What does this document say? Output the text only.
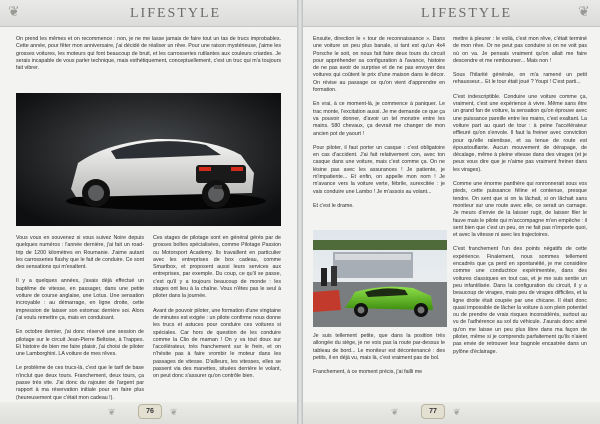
❦	LIFESTYLE

On prend les mêmes et on recommence : non, je ne me lasse jamais de faire tout un tas de trucs improbables. Cette année, pour fêter mon anniversaire, j'ai décidé de réaliser un rêve. Pour une raison mystérieuse, j'aime les grosses voitures, les moteurs qui font beaucoup de bruit, et les carrosseries rutilantes aux couleurs criardes. Je serais incapable de vous parler technique, mais esthétiquement, conceptuellement, c'est un truc qui m'a toujours fait vibrer.

Vous vous en souvenez si vous suivez Noire depuis quelques numéros : l'année dernière, j'ai fait un road-trip de 1200 kilomètres en Roumanie. J'aime autant les carrosseries flashy que le fait de conduire. Ce sont des sensations qui m'exaltent.

Il y a quelques années, j'avais déjà effectué un baptême de vitesse, en passager, dans une petite voiture de course anglaise, une Lotus. Une sensation incroyable : au démarrage, en ligne droite, cette impression de laisser son estomac derrière soi. Alors j'ai voulu remettre ça, mais en conduisant.

En octobre dernier, j'ai donc réservé une session de pilotage sur le circuit Jean-Pierre Beltoise, à Trappes. Et histoire de bien me faire plaisir, j'ai choisi de piloter une Lamborghini. LA voiture de mes rêves.

Le problème de ces trucs-là, c'est que le tarif de base n'inclut que deux tours. Franchement, deux tours, ça passe très vite. J'ai donc du rajouter de l'argent par rapport à ma réservation initiale pour en faire plus (heureusement que c'était mon cadeau !).

Ces stages de pilotage sont en général gérés par de grosses boîtes spécialisées, comme Pilotage Passion ou Motorsport Academy. Ils travaillent en particulier avec les entreprises de box cadeau, comme Smartbox, et proposent aussi leurs services aux entreprises, par exemple. Du coup, ce qu'il se passe, c'est qu'il y a toujours beaucoup de monde : les stages ont lieu à la chaîne. Vous n'êtes pas le seul à piloter dans la journée.

Avant de pouvoir piloter, une formation d'une vingtaine de minutes est exigée : un pilote confirme nous donne les trucs et astuces pour conduire ces voitures si spéciales. Car hors de question de les conduire comme la Clio de maman ! On y va tout doux sur l'accélérateur, très franchement sur le frein, et on n'hésite pas à faire vrombir le moteur dans les passages de vitesse. D'ailleurs, les vitesses, elles se passent via des manettes, situées derrière le volant, on peut donc s'assurer qu'on contrôle bien.

❦	76	❦
LIFESTYLE	❦

Ensuite, direction le « tour de reconnaissance ». Dans une voiture un peu plus banale, si tant est qu'un 4x4 Porsche le soit, on nous fait faire deux tours du circuit pour appréhender sa configuration à l'avance, histoire de ne pas avoir de surprise et de ne pas envoyer des voitures qui coûtent le prix d'une maison dans le décor. On révise au passage ce qu'on vient d'apprendre en formation.

En vrai, à ce moment-là, je commence à paniquer. Le trac monte, l'excitation aussi. Je me demande ce que ça va pouvoir donner, d'avoir un tel monstre entre les mains. 580 chevaux, ça devrait me changer de mon ancien pot de yaourt !

Pour piloter, il faut porter un casque : c'est obligatoire en cas d'accident. J'ai fait relativement con, avec ton casque dans une voiture, mais c'est comme ça. On ne lésine pas avec les assurances ! Je patiente, je m'impatiente... Et enfin, on appelle mon nom ! Je m'avance vers la voiture verte, fébrile, surexcitée : je vais conduire une Lambo ! Je m'assois au volant...

Et c'est le drame.

Je suis tellement petite, que dans la position très allongée du siège, je ne vois pas la route par-dessus le tableau de bord... Le moniteur est décontenancé : des petits, il en déjà vu, mais là, c'est vraiment pas de bol.

Franchement, à ce moment précis, j'ai failli me

mettre à pleurer : le voilà, c'est mon rêve, c'était terminé de mon rêve. Or ne peut pas conduire si on ne voit pas où on va. Je pensais vraiment qu'on allait me faire descendre et me rembourser... Mais non !

Sous l'hilarité générale, on m'a ramené un petit rehausseur... Et le tour était joué ? Youpi ! C'est parti...

C'est indescriptible. Conduire une voiture comme ça, vraiment, c'est une expérience à vivre. Même sans être un grand fan de voiture, la sensation qu'on éprouve avec une puissance pareille entre les mains, c'est exaltant. La voiture part au quart de tour : à peine l'accélérateur effleuré qu'on s'envole. Il faut la freiner avec conviction pour qu'elle ralentisse, et sa tenue de route est époustouflante. Aucun mouvement de dérapage, de décalage, même à pleine vitesse dans des virages (et je peux vous dire que je n'aime pas vraiment freiner dans les virages).

Comme une énorme panthère qui ronronnerait sous vos pieds, cette puissance féline et contenue, presque tendre. On sent que si on la lâchait, si on lâchait sans moniteur sur une route avec elle, ce serait un carnage. Je meurs d'envie de la laisser rugir, de laisser filer le fauve mais le pilote qui m'accompagne m'en empêche : il sent bien que c'est un peu, on ne fait pas n'importe quoi, et avec la vitesse ni avec les trajectoires.

C'est franchement l'un des points négatifs de cette expérience. Finalement, nous sommes tellement encadrés que ça perd en spontanéité, je me considère comme une conductrice expérimentée, dans des voitures classiques en tout cas, et je me suis sentie un peu infantilisée. Dans la configuration du circuit, il y a beaucoup de virages, mais peu de virages difficiles, et la ligne droite était coupée par une chicane. Il était donc quasi impossible de lâcher la voiture à son plein potentiel ou de prendre de vrais risques inconsidérés, surtout au vu de l'adhérence au sol du véhicule. J'aurais donc aimé qu'on me laisse un peu plus libre dans ma façon de piloter, même si je comprends parfaitement qu'ils n'aient pas envie de retrouver leur bagnole encastrée dans un pylône d'éclairage.

❦	77	❦
